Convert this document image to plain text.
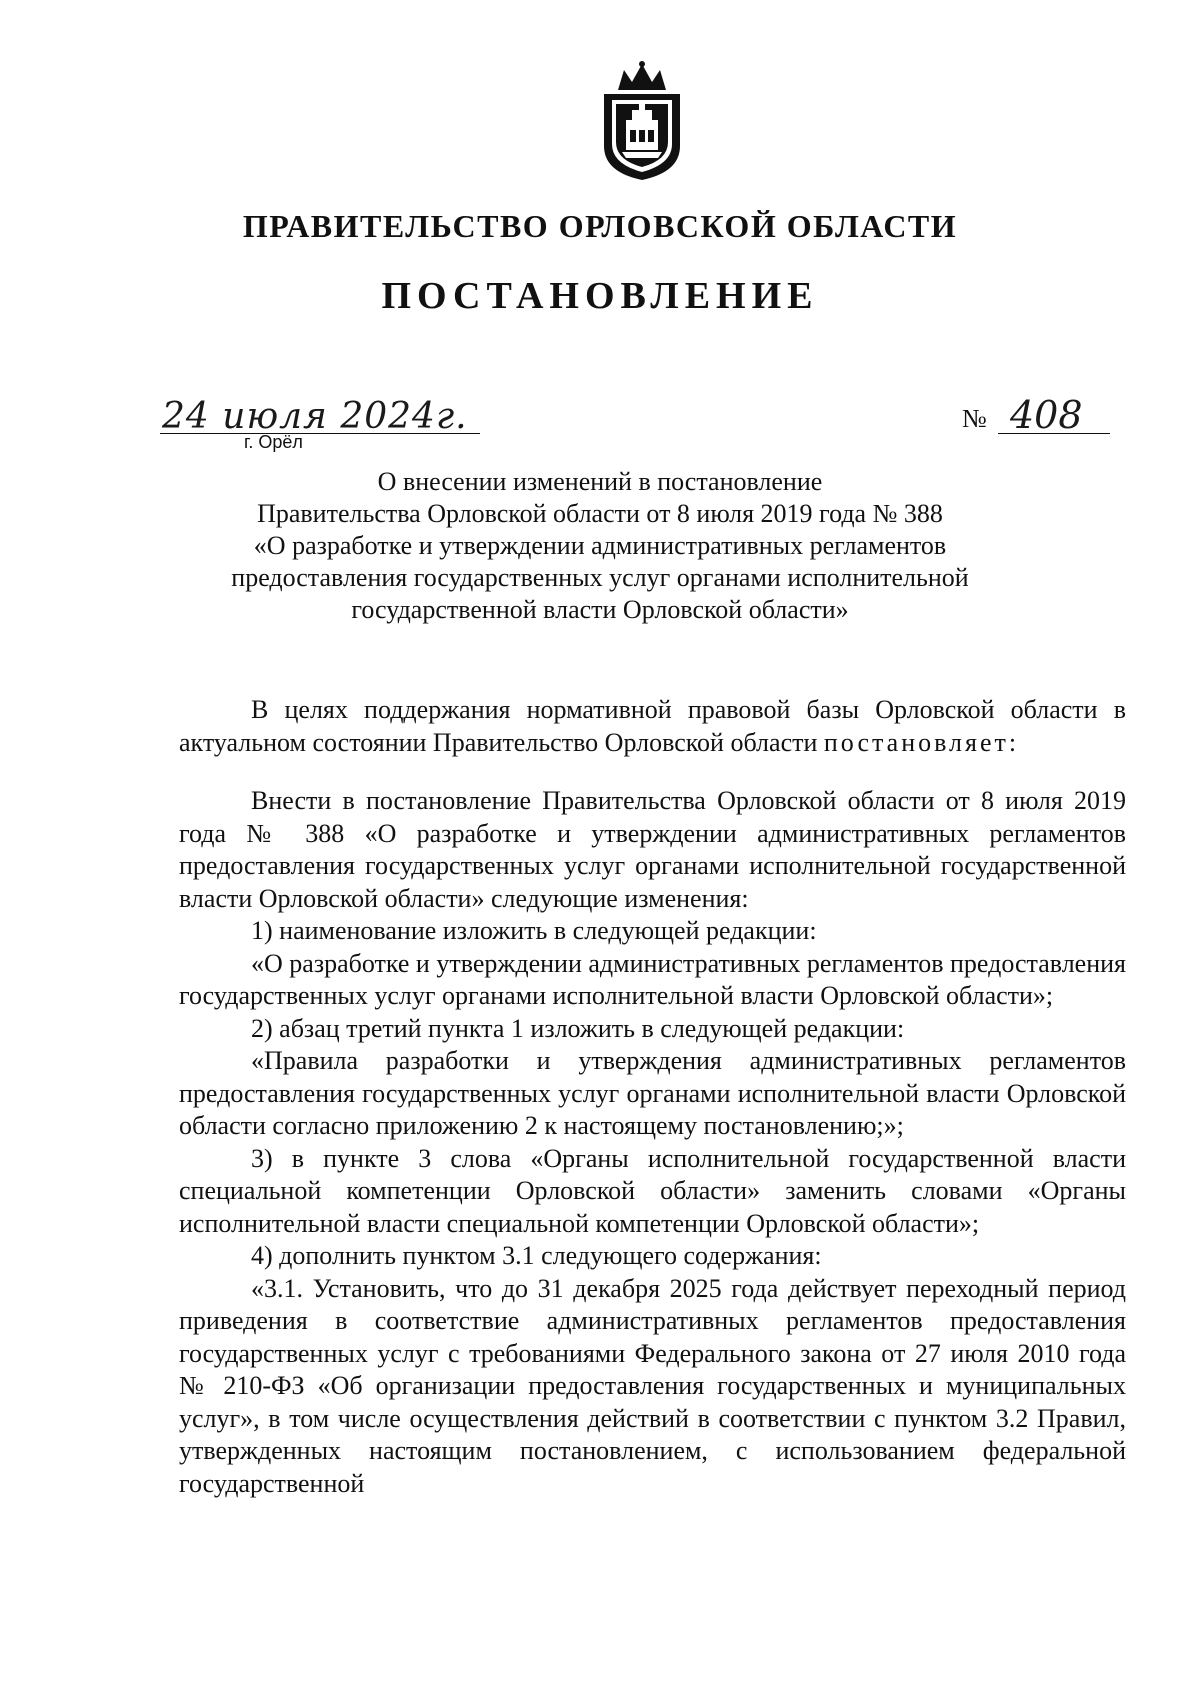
ПРАВИТЕЛЬСТВО ОРЛОВСКОЙ ОБЛАСТИ
ПОСТАНОВЛЕНИЕ
24 июля 2024г.
г. Орёл
№ 408
О внесении изменений в постановление
Правительства Орловской области от 8 июля 2019 года № 388
«О разработке и утверждении административных регламентов
предоставления государственных услуг органами исполнительной
государственной власти Орловской области»

В целях поддержания нормативной правовой базы Орловской области в актуальном состоянии Правительство Орловской области постановляет:

Внести в постановление Правительства Орловской области от 8 июля 2019 года № 388 «О разработке и утверждении административных регламентов предоставления государственных услуг органами исполнительной государственной власти Орловской области» следующие изменения:

1) наименование изложить в следующей редакции:

«О разработке и утверждении административных регламентов предоставления государственных услуг органами исполнительной власти Орловской области»;

2) абзац третий пункта 1 изложить в следующей редакции:

«Правила разработки и утверждения административных регламентов предоставления государственных услуг органами исполнительной власти Орловской области согласно приложению 2 к настоящему постановлению;»;

3) в пункте 3 слова «Органы исполнительной государственной власти специальной компетенции Орловской области» заменить словами «Органы исполнительной власти специальной компетенции Орловской области»;

4) дополнить пунктом 3.1 следующего содержания:

«3.1. Установить, что до 31 декабря 2025 года действует переходный период приведения в соответствие административных регламентов предоставления государственных услуг с требованиями Федерального закона от 27 июля 2010 года № 210-ФЗ «Об организации предоставления государственных и муниципальных услуг», в том числе осуществления действий в соответствии с пунктом 3.2 Правил, утвержденных настоящим постановлением, с использованием федеральной государственной
